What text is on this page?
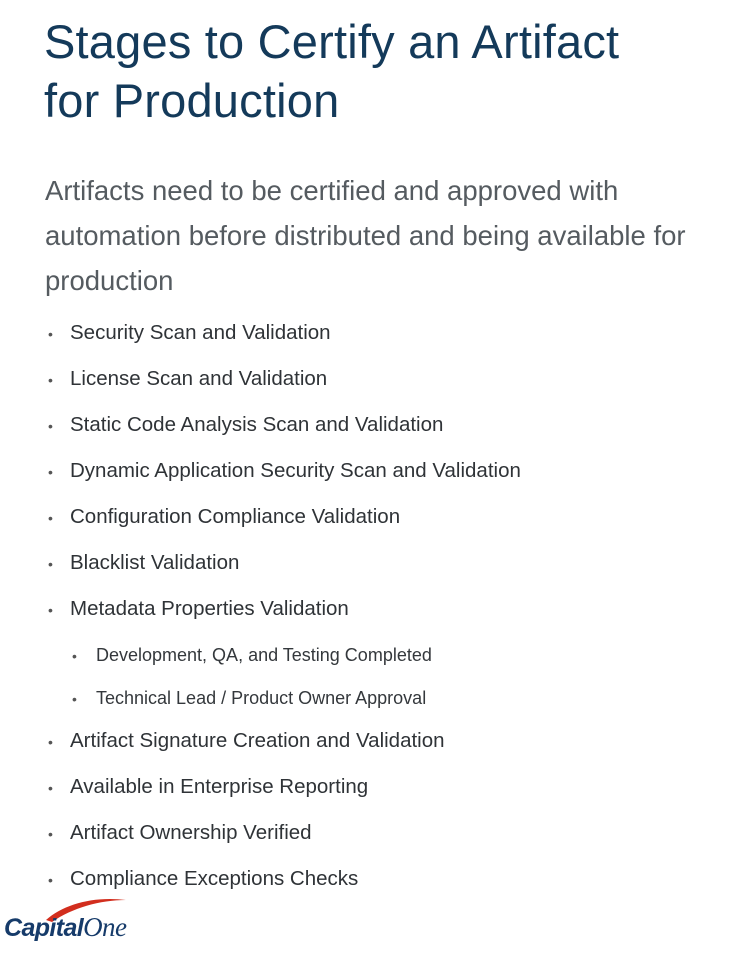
Stages to Certify an Artifact
for Production

Artifacts need to be certified and approved with automation before distributed and being available for production

• Security Scan and Validation
• License Scan and Validation
• Static Code Analysis Scan and Validation
• Dynamic Application Security Scan and Validation
• Configuration Compliance Validation
• Blacklist Validation
• Metadata Properties Validation
• Development, QA, and Testing Completed
• Technical Lead / Product Owner Approval
• Artifact Signature Creation and Validation
• Available in Enterprise Reporting
• Artifact Ownership Verified
• Compliance Exceptions Checks
CapitalOne
